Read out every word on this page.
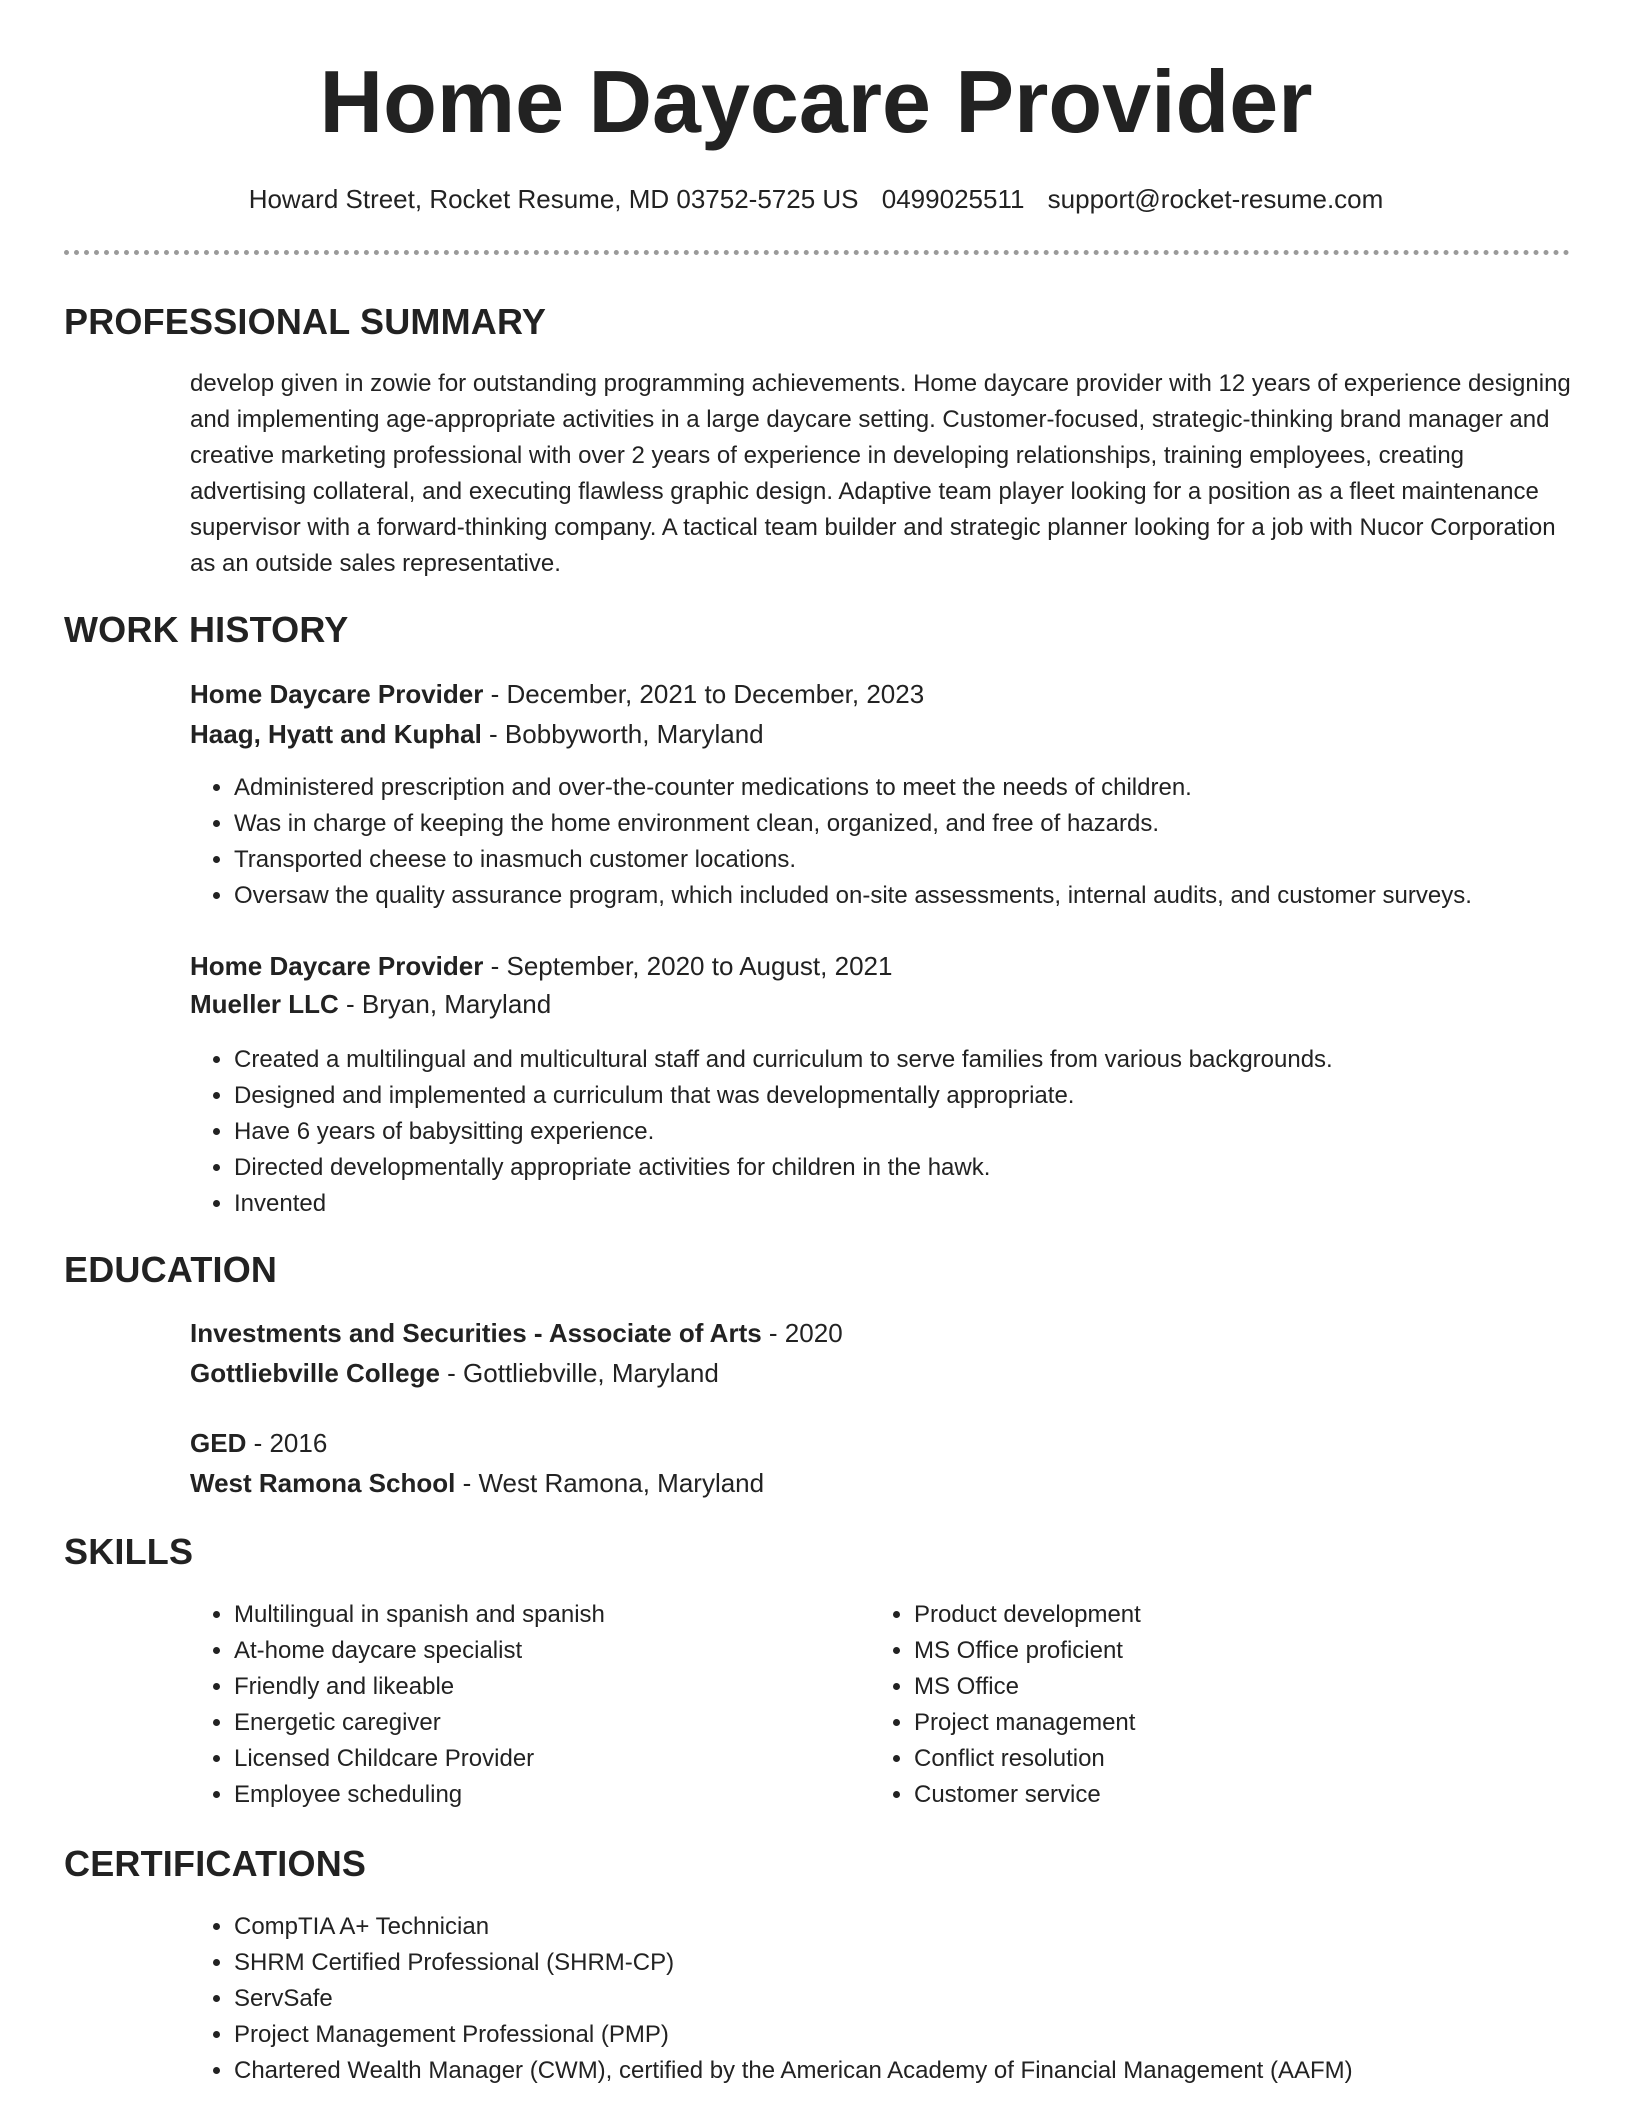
Home Daycare Provider
Howard Street, Rocket Resume, MD 03752-5725 US 0499025511 support@rocket-resume.com
PROFESSIONAL SUMMARY

develop given in zowie for outstanding programming achievements. Home daycare provider with 12 years of experience designing and implementing age-appropriate activities in a large daycare setting. Customer-focused, strategic-thinking brand manager and creative marketing professional with over 2 years of experience in developing relationships, training employees, creating advertising collateral, and executing flawless graphic design. Adaptive team player looking for a position as a fleet maintenance supervisor with a forward-thinking company. A tactical team builder and strategic planner looking for a job with Nucor Corporation as an outside sales representative.

WORK HISTORY
Home Daycare Provider - December, 2021 to December, 2023
Haag, Hyatt and Kuphal - Bobbyworth, Maryland
• Administered prescription and over-the-counter medications to meet the needs of children.
• Was in charge of keeping the home environment clean, organized, and free of hazards.
• Transported cheese to inasmuch customer locations.
• Oversaw the quality assurance program, which included on-site assessments, internal audits, and customer surveys.
Home Daycare Provider - September, 2020 to August, 2021
Mueller LLC - Bryan, Maryland
• Created a multilingual and multicultural staff and curriculum to serve families from various backgrounds.
• Designed and implemented a curriculum that was developmentally appropriate.
• Have 6 years of babysitting experience.
• Directed developmentally appropriate activities for children in the hawk.
• Invented
EDUCATION
Investments and Securities - Associate of Arts - 2020
Gottliebville College - Gottliebville, Maryland
GED - 2016
West Ramona School - West Ramona, Maryland
SKILLS
• Multilingual in spanish and spanish
• At-home daycare specialist
• Friendly and likeable
• Energetic caregiver
• Licensed Childcare Provider
• Employee scheduling
• Product development
• MS Office proficient
• MS Office
• Project management
• Conflict resolution
• Customer service
CERTIFICATIONS
• CompTIA A+ Technician
• SHRM Certified Professional (SHRM-CP)
• ServSafe
• Project Management Professional (PMP)
• Chartered Wealth Manager (CWM), certified by the American Academy of Financial Management (AAFM)
